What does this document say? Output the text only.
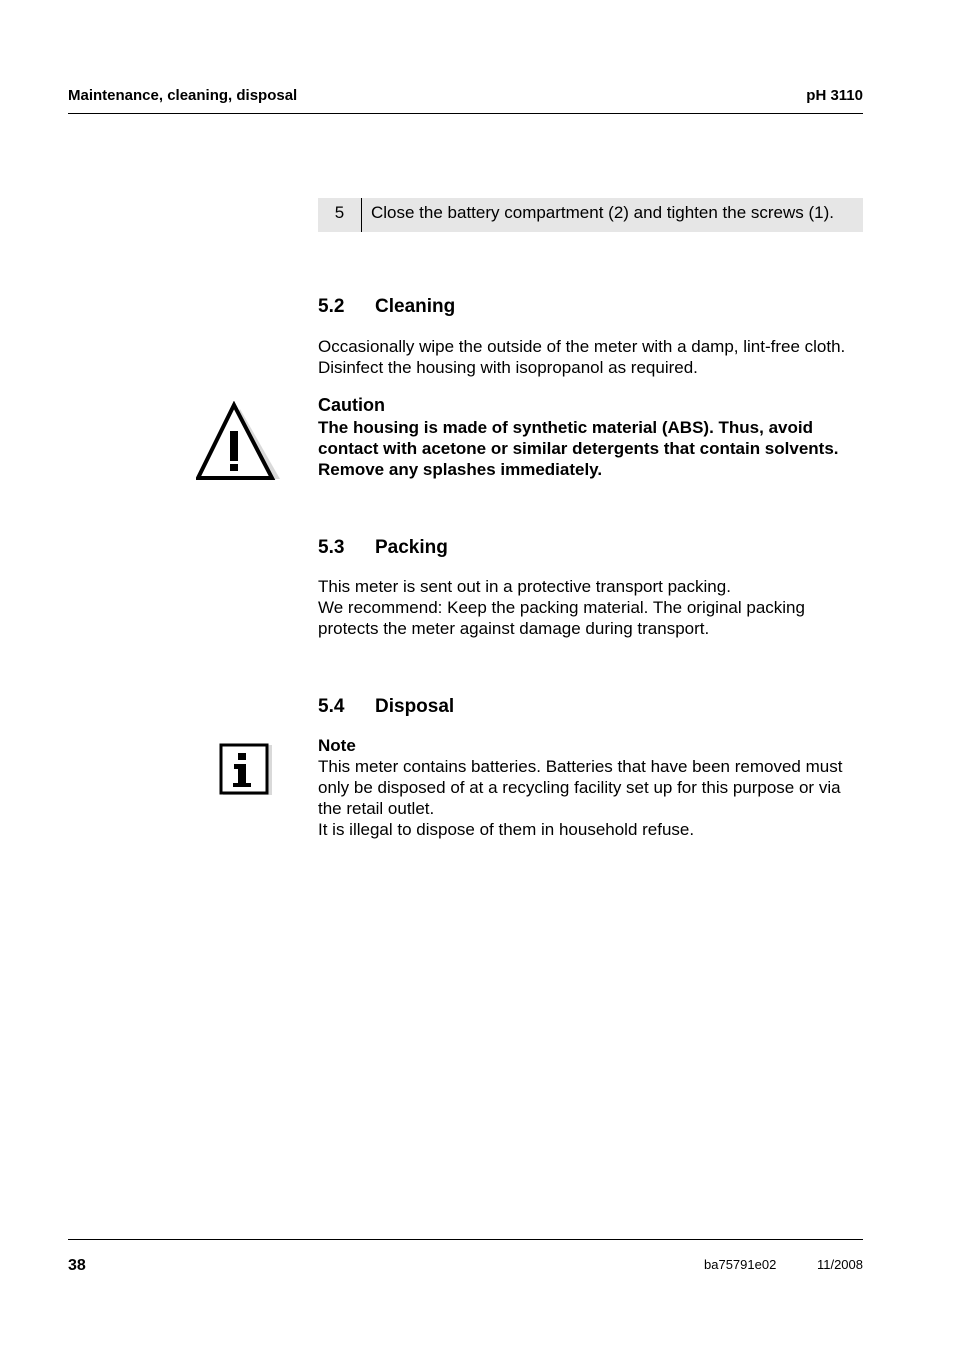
Maintenance, cleaning, disposal	pH 3110
5	Close the battery compartment (2) and tighten the screws (1).
5.2 Cleaning

Occasionally wipe the outside of the meter with a damp, lint-free cloth.

Disinfect the housing with isopropanol as required.

Caution

The housing is made of synthetic material (ABS). Thus, avoid

contact with acetone or similar detergents that contain solvents.

Remove any splashes immediately.

5.3 Packing

This meter is sent out in a protective transport packing.

We recommend: Keep the packing material. The original packing

protects the meter against damage during transport.

5.4 Disposal

Note

This meter contains batteries. Batteries that have been removed must

only be disposed of at a recycling facility set up for this purpose or via

the retail outlet.

It is illegal to dispose of them in household refuse.

38	ba75791e02	11/2008
